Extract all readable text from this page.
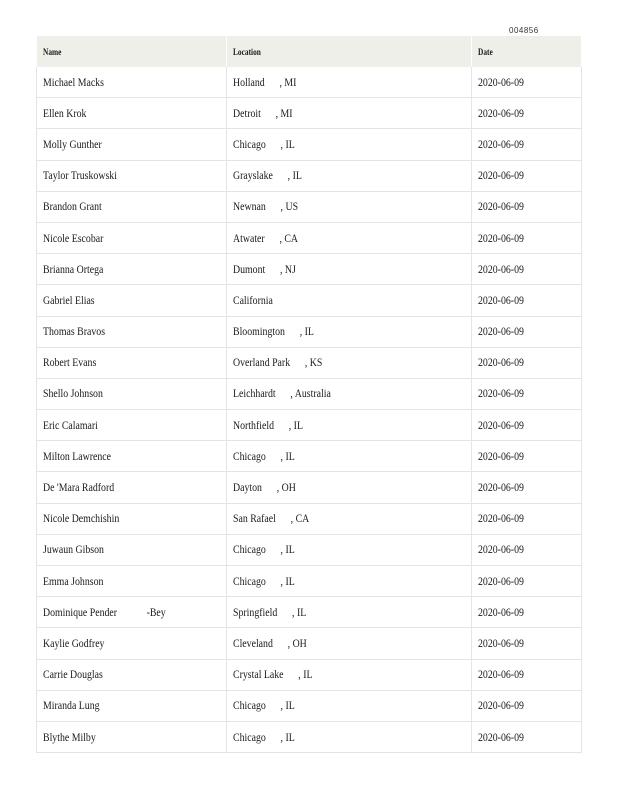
004856
Name	Location	Date
Michael Macks	Holland      , MI	2020-06-09
Ellen Krok	Detroit      , MI	2020-06-09
Molly Gunther	Chicago      , IL	2020-06-09
Taylor Truskowski	Grayslake      , IL	2020-06-09
Brandon Grant	Newnan      , US	2020-06-09
Nicole Escobar	Atwater      , CA	2020-06-09
Brianna Ortega	Dumont      , NJ	2020-06-09
Gabriel Elias	California	2020-06-09
Thomas Bravos	Bloomington      , IL	2020-06-09
Robert Evans	Overland Park      , KS	2020-06-09
Shello Johnson	Leichhardt      , Australia	2020-06-09
Eric Calamari	Northfield      , IL	2020-06-09
Milton Lawrence	Chicago      , IL	2020-06-09
De 'Mara Radford	Dayton      , OH	2020-06-09
Nicole Demchishin	San Rafael      , CA	2020-06-09
Juwaun Gibson	Chicago      , IL	2020-06-09
Emma Johnson	Chicago      , IL	2020-06-09
Dominique Pender            -Bey	Springfield      , IL	2020-06-09
Kaylie Godfrey	Cleveland      , OH	2020-06-09
Carrie Douglas	Crystal Lake      , IL	2020-06-09
Miranda Lung	Chicago      , IL	2020-06-09
Blythe Milby	Chicago      , IL	2020-06-09
